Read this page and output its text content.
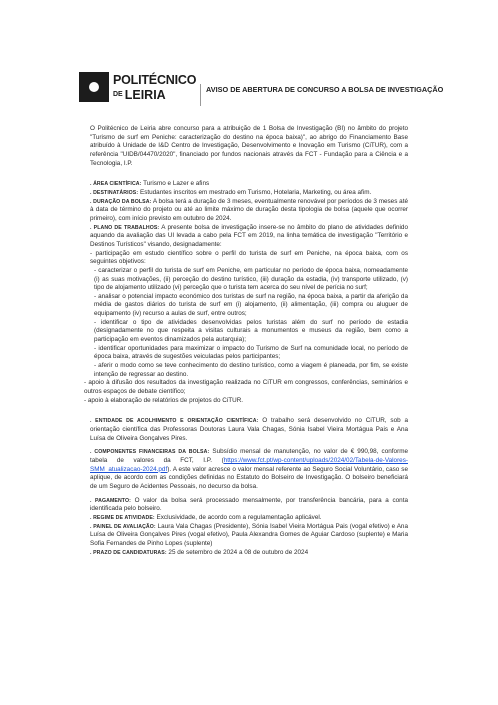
POLITÉCNICO
$^{DE}$ LEIRIA	AVISO DE ABERTURA DE CONCURSO A BOLSA DE INVESTIGAÇÃO

O Politécnico de Leiria abre concurso para a atribuição de 1 Bolsa de Investigação (BI) no âmbito do projeto "Turismo de surf em Peniche: caracterização do destino na época baixa)", ao abrigo do Financiamento Base atribuído à Unidade de I&D Centro de Investigação, Desenvolvimento e Inovação em Turismo (CiTUR), com a referência "UIDB/04470/2020", financiado por fundos nacionais através da FCT - Fundação para a Ciência e a Tecnologia, I.P.

. ÁREA CIENTÍFICA: Turismo e Lazer e afins

. DESTINATÁRIOS: Estudantes inscritos em mestrado em Turismo, Hotelaria, Marketing, ou área afim.

. DURAÇÃO DA BOLSA: A bolsa terá a duração de 3 meses, eventualmente renovável por períodos de 3 meses até à data de término do projeto ou até ao limite máximo de duração desta tipologia de bolsa (aquele que ocorrer primeiro), com início previsto em outubro de 2024.

. PLANO DE TRABALHOS: A presente bolsa de investigação insere-se no âmbito do plano de atividades definido aquando da avaliação das UI levada a cabo pela FCT em 2019, na linha temática de investigação "Território e Destinos Turísticos" visando, designadamente:

- participação em estudo científico sobre o perfil do turista de surf em Peniche, na época baixa, com os seguintes objetivos:

- caracterizar o perfil do turista de surf em Peniche, em particular no período de época baixa, nomeadamente (i) as suas motivações, (ii) perceção do destino turístico, (iii) duração da estadia, (iv) transporte utilizado, (v) tipo de alojamento utilizado (vi) perceção que o turista tem acerca do seu nível de perícia no surf;

- analisar o potencial impacto económico dos turistas de surf na região, na época baixa, a partir da aferição da média de gastos diários do turista de surf em (i) alojamento, (ii) alimentação, (iii) compra ou aluguer de equipamento (iv) recurso a aulas de surf, entre outros;

- identificar o tipo de atividades desenvolvidas pelos turistas além do surf no período de estadia (designadamente no que respeita a visitas culturais a monumentos e museus da região, bem como a participação em eventos dinamizados pela autarquia);

- identificar oportunidades para maximizar o impacto do Turismo de Surf na comunidade local, no período de época baixa, através de sugestões veiculadas pelos participantes;

- aferir o modo como se teve conhecimento do destino turístico, como a viagem é planeada, por fim, se existe intenção de regressar ao destino.

- apoio à difusão dos resultados da investigação realizada no CiTUR em congressos, conferências, seminários e outros espaços de debate científico;

- apoio à elaboração de relatórios de projetos do CiTUR.

. ENTIDADE DE ACOLHIMENTO E ORIENTAÇÃO CIENTÍFICA: O trabalho será desenvolvido no CiTUR, sob a orientação científica das Professoras Doutoras Laura Vala Chagas, Sónia Isabel Vieira Mortágua Pais e Ana Luísa de Oliveira Gonçalves Pires.

. COMPONENTES FINANCEIRAS DA BOLSA: Subsídio mensal de manutenção, no valor de € 990,98, conforme tabela de valores da FCT, I.P. (https://www.fct.pt/wp-content/uploads/2024/02/Tabela-de-Valores-SMM_atualizacao-2024.pdf). A este valor acresce o valor mensal referente ao Seguro Social Voluntário, caso se aplique, de acordo com as condições definidas no Estatuto do Bolseiro de Investigação. O bolseiro beneficiará de um Seguro de Acidentes Pessoais, no decurso da bolsa.

. PAGAMENTO: O valor da bolsa será processado mensalmente, por transferência bancária, para a conta identificada pelo bolseiro.

. REGIME DE ATIVIDADE: Exclusividade, de acordo com a regulamentação aplicável.

. PAINEL DE AVALIAÇÃO: Laura Vala Chagas (Presidente), Sónia Isabel Vieira Mortágua Pais (vogal efetivo) e Ana Luísa de Oliveira Gonçalves Pires (vogal efetivo), Paula Alexandra Gomes de Aguiar Cardoso (suplente) e Maria Sofia Fernandes de Pinho Lopes (suplente)

. PRAZO DE CANDIDATURAS: 25 de setembro de 2024 a 08 de outubro de 2024
